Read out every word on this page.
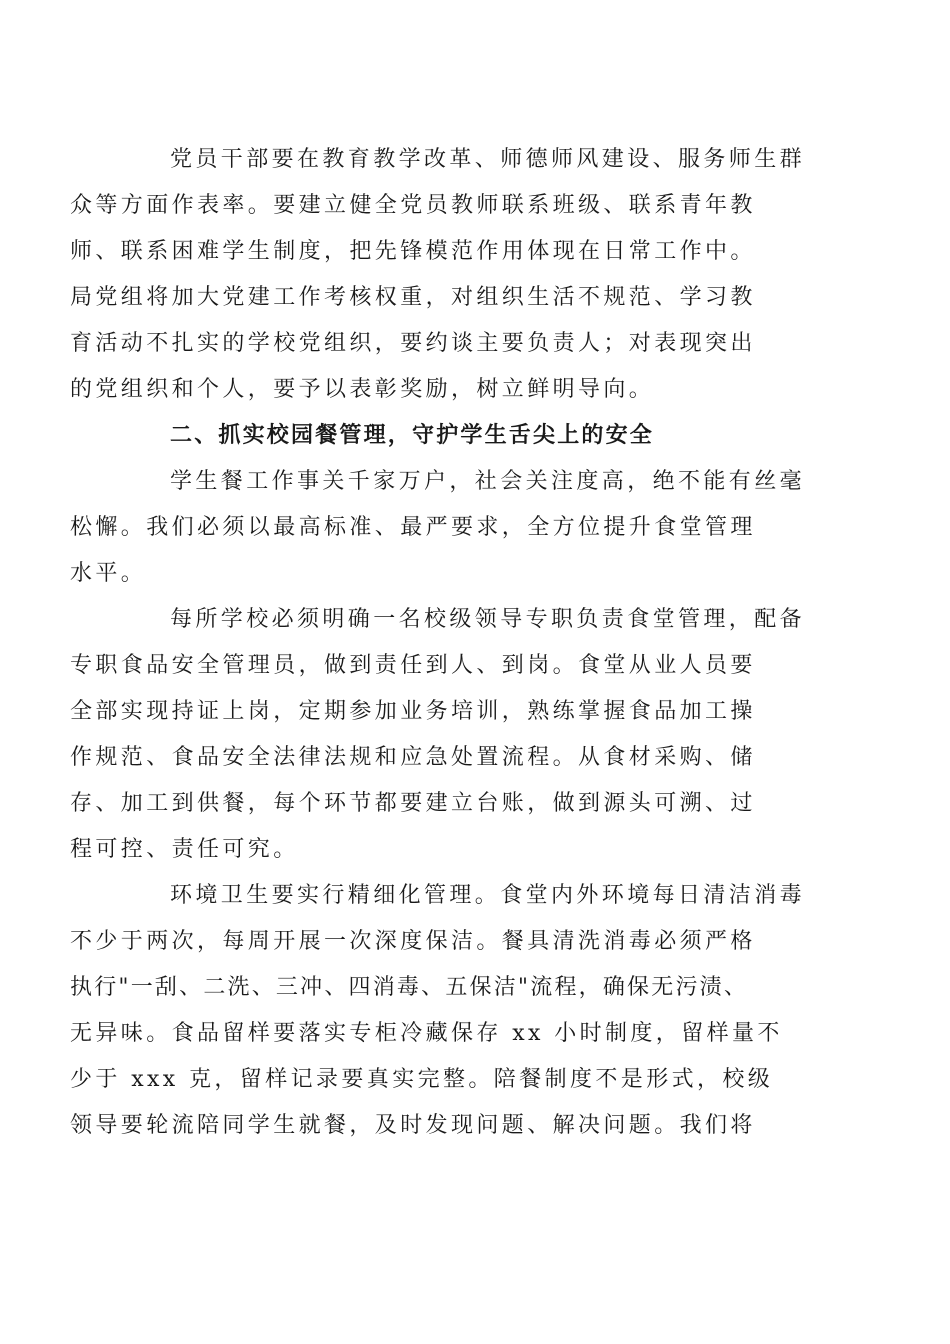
党员干部要在教育教学改革、师德师风建设、服务师生群
众等方面作表率。要建立健全党员教师联系班级、联系青年教
师、联系困难学生制度，把先锋模范作用体现在日常工作中。
局党组将加大党建工作考核权重，对组织生活不规范、学习教
育活动不扎实的学校党组织，要约谈主要负责人；对表现突出
的党组织和个人，要予以表彰奖励，树立鲜明导向。

二、抓实校园餐管理，守护学生舌尖上的安全

学生餐工作事关千家万户，社会关注度高，绝不能有丝毫
松懈。我们必须以最高标准、最严要求，全方位提升食堂管理
水平。

每所学校必须明确一名校级领导专职负责食堂管理，配备
专职食品安全管理员，做到责任到人、到岗。食堂从业人员要
全部实现持证上岗，定期参加业务培训，熟练掌握食品加工操
作规范、食品安全法律法规和应急处置流程。从食材采购、储
存、加工到供餐，每个环节都要建立台账，做到源头可溯、过
程可控、责任可究。

环境卫生要实行精细化管理。食堂内外环境每日清洁消毒
不少于两次，每周开展一次深度保洁。餐具清洗消毒必须严格
执行"一刮、二洗、三冲、四消毒、五保洁"流程，确保无污渍、
无异味。食品留样要落实专柜冷藏保存 xx 小时制度，留样量不
少于 xxx 克，留样记录要真实完整。陪餐制度不是形式，校级
领导要轮流陪同学生就餐，及时发现问题、解决问题。我们将
